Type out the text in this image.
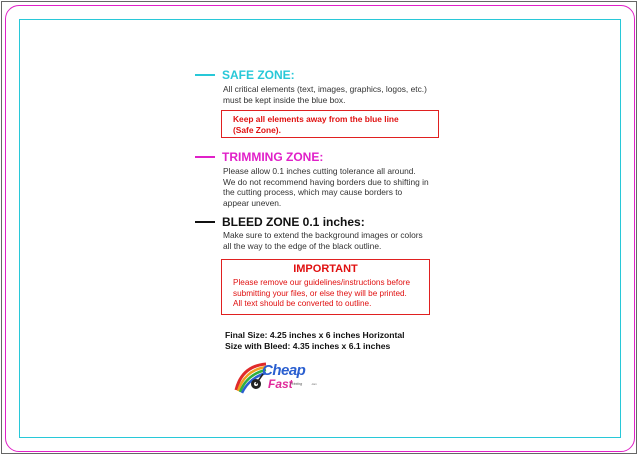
SAFE ZONE:
All critical elements (text, images, graphics, logos, etc.)
must be kept inside the blue box.
Keep all elements away from the blue line
(Safe Zone).
TRIMMING ZONE:
Please allow 0.1 inches cutting tolerance all around.
We do not recommend having borders due to shifting in
the cutting process, which may cause borders to
appear uneven.
BLEED ZONE 0.1 inches:
Make sure to extend the background images or colors
all the way to the edge of the black outline.
IMPORTANT
Please remove our guidelines/instructions before
submitting your files, or else they will be printed.
All text should be converted to outline.
Final Size: 4.25 inches x 6 inches Horizontal
Size with Bleed: 4.35 inches x 6.1 inches
Cheap
Fast
Printing	.com
